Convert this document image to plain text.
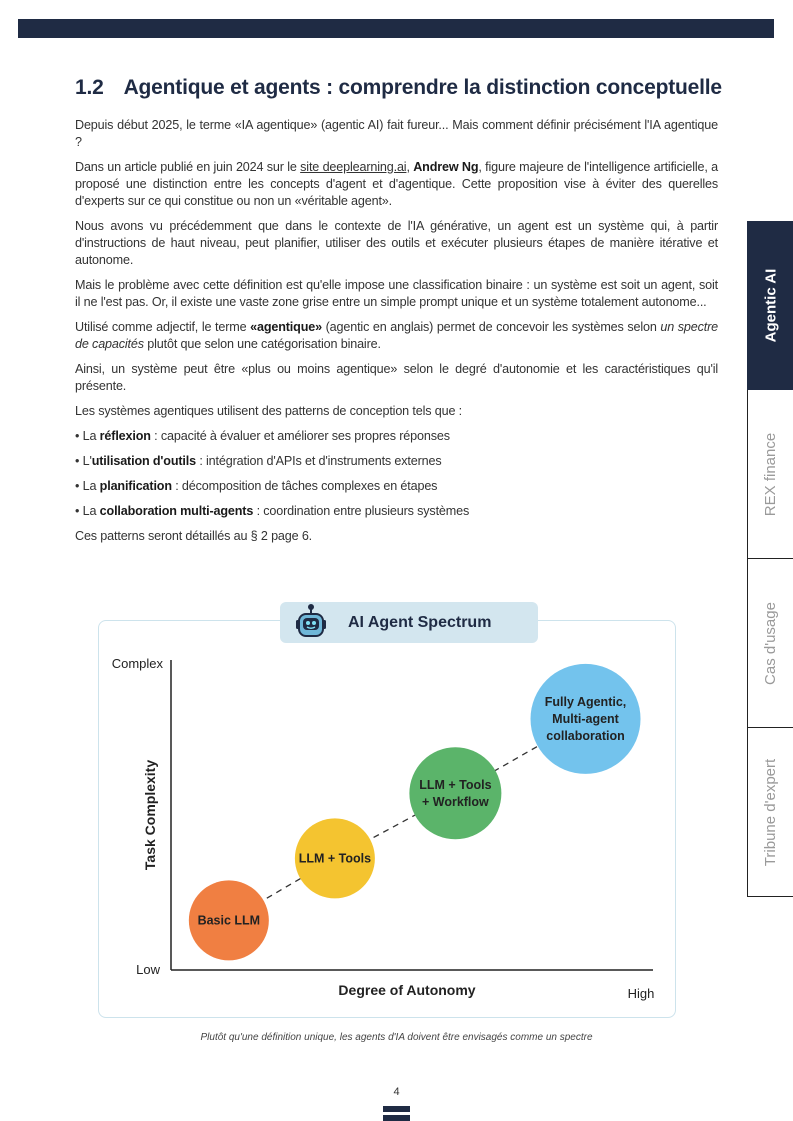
1.2 Agentique et agents : comprendre la distinction conceptuelle

Depuis début 2025, le terme «IA agentique» (agentic AI) fait fureur... Mais comment définir précisément l'IA agentique ?

Dans un article publié en juin 2024 sur le site deeplearning.ai, Andrew Ng, figure majeure de l'intelligence artificielle, a proposé une distinction entre les concepts d'agent et d'agentique. Cette proposition vise à éviter des querelles d'experts sur ce qui constitue ou non un «véritable agent».

Nous avons vu précédemment que dans le contexte de l'IA générative, un agent est un système qui, à partir d'instructions de haut niveau, peut planifier, utiliser des outils et exécuter plusieurs étapes de manière itérative et autonome.

Mais le problème avec cette définition est qu'elle impose une classification binaire : un système est soit un agent, soit il ne l'est pas. Or, il existe une vaste zone grise entre un simple prompt unique et un système totalement autonome...

Utilisé comme adjectif, le terme «agentique» (agentic en anglais) permet de concevoir les systèmes selon un spectre de capacités plutôt que selon une catégorisation binaire.

Ainsi, un système peut être «plus ou moins agentique» selon le degré d'autonomie et les caractéristiques qu'il présente.

Les systèmes agentiques utilisent des patterns de conception tels que :

• La réflexion : capacité à évaluer et améliorer ses propres réponses

• L'utilisation d'outils : intégration d'APIs et d'instruments externes

• La planification : décomposition de tâches complexes en étapes

• La collaboration multi-agents : coordination entre plusieurs systèmes

Ces patterns seront détaillés au § 2 page 6.

Agentic AI
REX finance
Cas d'usage
Tribune d'expert
Complex
Low
High
Degree of Autonomy
Task Complexity
Basic LLM
LLM + Tools
LLM + Tools + Workflow
Fully Agentic, Multi-agent collaboration
AI Agent Spectrum
Plutôt qu'une définition unique, les agents d'IA doivent être envisagés comme un spectre
4
